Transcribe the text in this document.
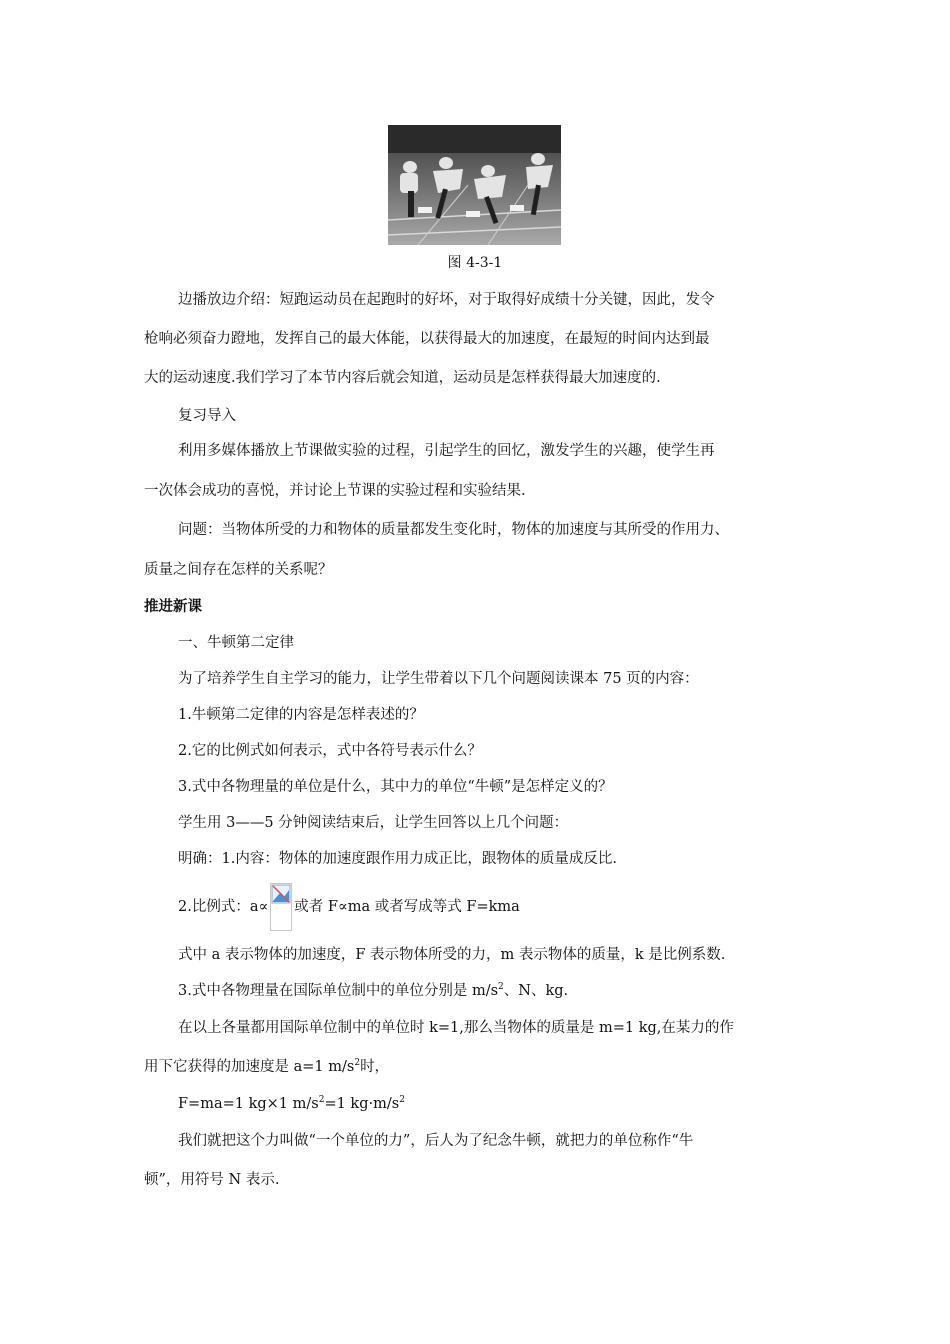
图 4-3-1
边播放边介绍：短跑运动员在起跑时的好坏，对于取得好成绩十分关键，因此，发令
枪响必须奋力蹬地，发挥自己的最大体能，以获得最大的加速度，在最短的时间内达到最
大的运动速度.我们学习了本节内容后就会知道，运动员是怎样获得最大加速度的.
复习导入
利用多媒体播放上节课做实验的过程，引起学生的回忆，激发学生的兴趣，使学生再
一次体会成功的喜悦，并讨论上节课的实验过程和实验结果.
问题：当物体所受的力和物体的质量都发生变化时，物体的加速度与其所受的作用力、
质量之间存在怎样的关系呢？
推进新课
一、牛顿第二定律
为了培养学生自主学习的能力，让学生带着以下几个问题阅读课本 75 页的内容：
1.牛顿第二定律的内容是怎样表述的？
2.它的比例式如何表示，式中各符号表示什么？
3.式中各物理量的单位是什么，其中力的单位“牛顿”是怎样定义的？
学生用 3——5 分钟阅读结束后，让学生回答以上几个问题：
明确：1.内容：物体的加速度跟作用力成正比，跟物体的质量成反比.
2.比例式：a∝ 或者 F∝ma 或者写成等式 F=kma
式中 a 表示物体的加速度，F 表示物体所受的力，m 表示物体的质量，k 是比例系数.
3.式中各物理量在国际单位制中的单位分别是 $m/s^2$、N、kg.
在以上各量都用国际单位制中的单位时 k=1,那么当物体的质量是 m=1 kg,在某力的作
用下它获得的加速度是 a=1 $m/s^2$时，
F=ma=1 kg×1 $m/s^2=1$ $kg\cdot m/s^2$
我们就把这个力叫做“一个单位的力”，后人为了纪念牛顿，就把力的单位称作“牛
顿”，用符号 N 表示.
